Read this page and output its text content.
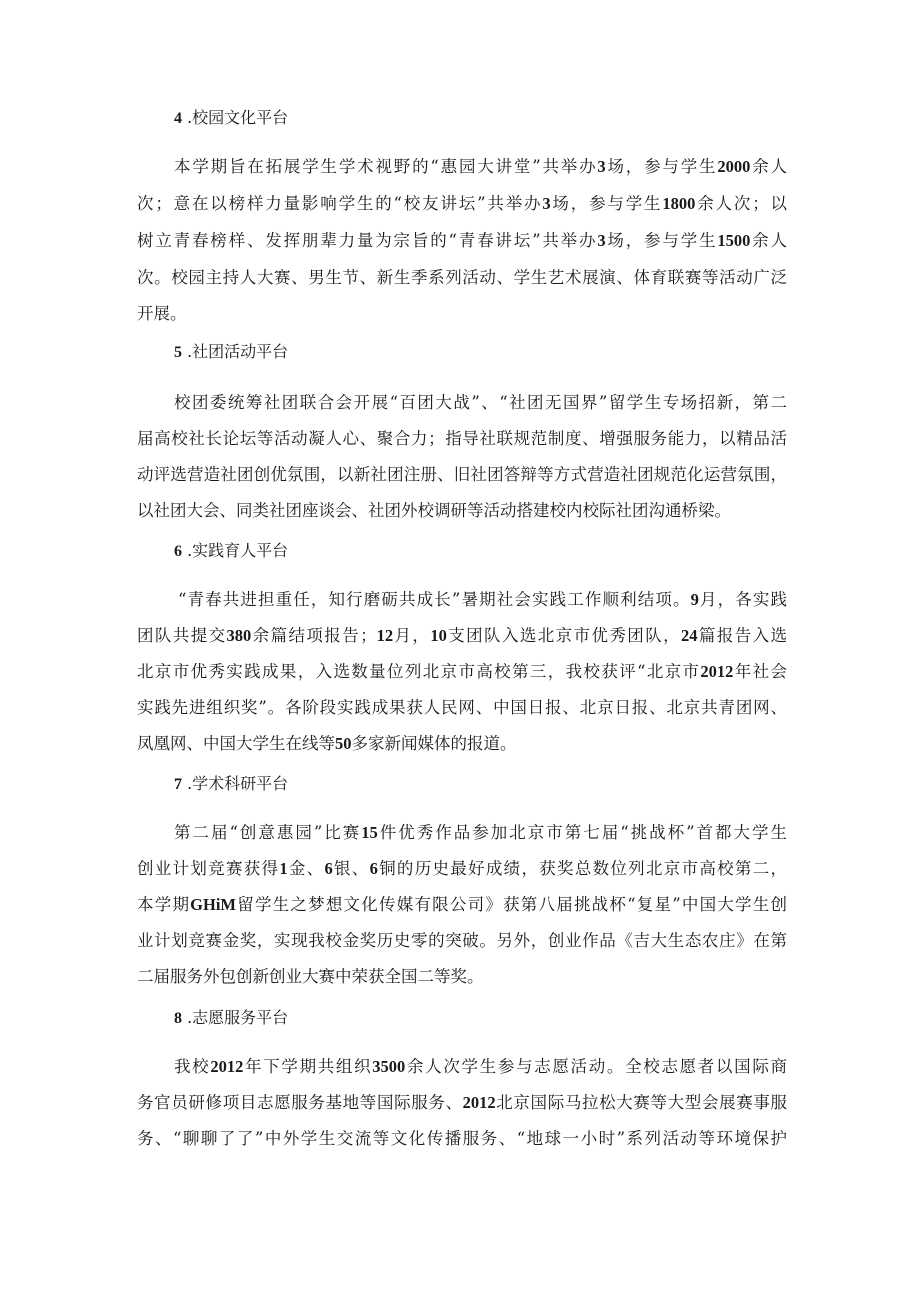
4 .校园文化平台
本学期旨在拓展学生学术视野的“惠园大讲堂”共举办3场，参与学生2000余人
次；意在以榜样力量影响学生的“校友讲坛”共举办3场，参与学生1800余人次；以
树立青春榜样、发挥朋辈力量为宗旨的“青春讲坛”共举办3场，参与学生1500余人
次。校园主持人大赛、男生节、新生季系列活动、学生艺术展演、体育联赛等活动广泛
开展。
5 .社团活动平台
校团委统筹社团联合会开展“百团大战”、“社团无国界”留学生专场招新，第二
届高校社长论坛等活动凝人心、聚合力；指导社联规范制度、增强服务能力，以精品活
动评选营造社团创优氛围，以新社团注册、旧社团答辩等方式营造社团规范化运营氛围，
以社团大会、同类社团座谈会、社团外校调研等活动搭建校内校际社团沟通桥梁。
6 .实践育人平台
“青春共进担重任，知行磨砺共成长”暑期社会实践工作顺利结项。9月，各实践
团队共提交380余篇结项报告；12月，10支团队入选北京市优秀团队，24篇报告入选
北京市优秀实践成果，入选数量位列北京市高校第三，我校获评“北京市2012年社会
实践先进组织奖”。各阶段实践成果获人民网、中国日报、北京日报、北京共青团网、
凤凰网、中国大学生在线等50多家新闻媒体的报道。
7 .学术科研平台
第二届“创意惠园”比赛15件优秀作品参加北京市第七届“挑战杯”首都大学生
创业计划竞赛获得1金、6银、6铜的历史最好成绩，获奖总数位列北京市高校第二，
本学期GHiM留学生之梦想文化传媒有限公司》获第八届挑战杯“复星”中国大学生创
业计划竞赛金奖，实现我校金奖历史零的突破。另外，创业作品《吉大生态农庄》在第
二届服务外包创新创业大赛中荣获全国二等奖。
8 .志愿服务平台
我校2012年下学期共组织3500余人次学生参与志愿活动。全校志愿者以国际商
务官员研修项目志愿服务基地等国际服务、2012北京国际马拉松大赛等大型会展赛事服
务、“聊聊了了”中外学生交流等文化传播服务、“地球一小时”系列活动等环境保护
